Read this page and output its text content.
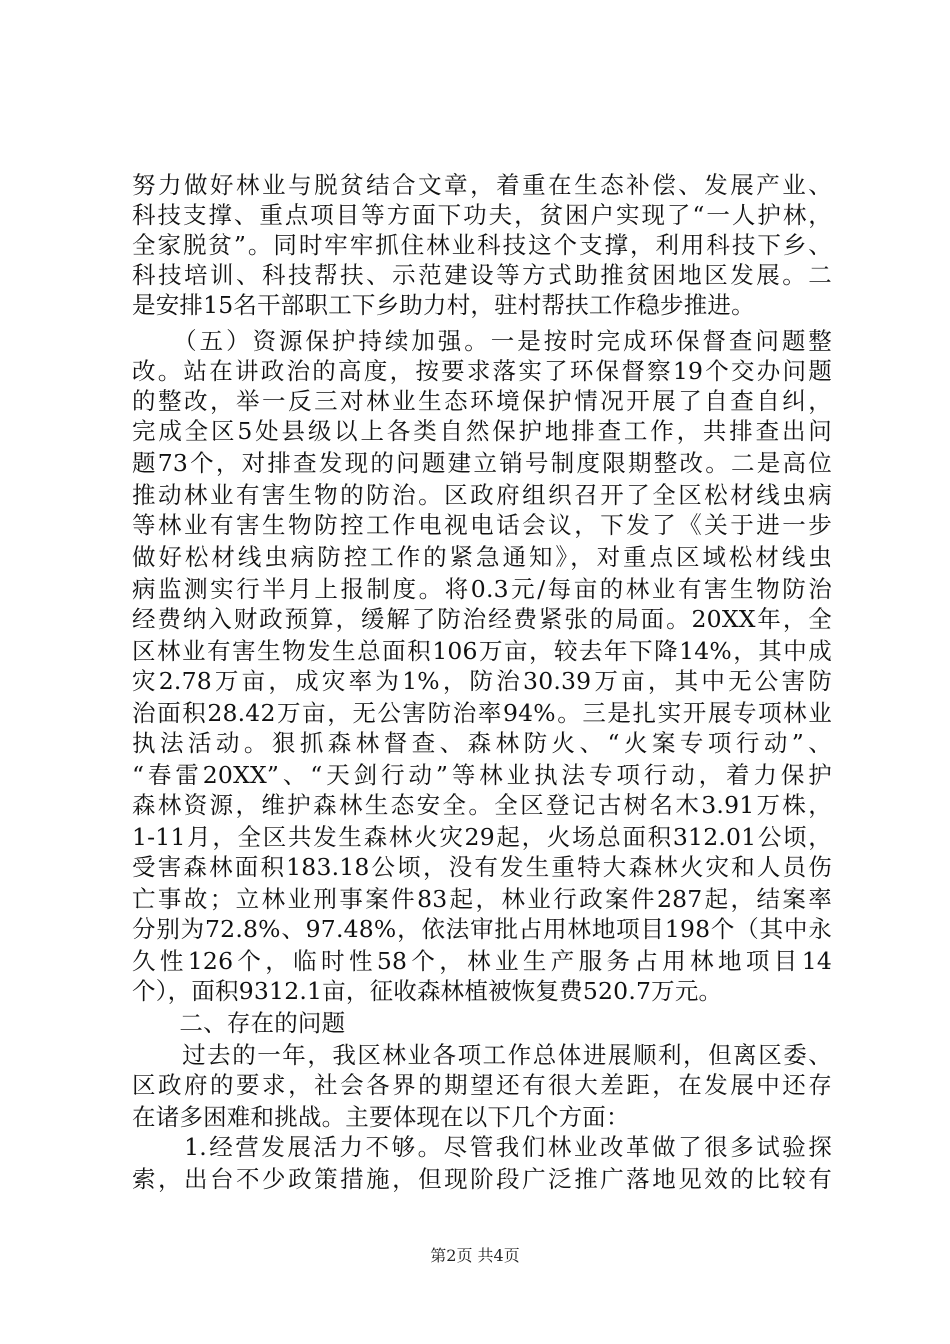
努力做好林业与脱贫结合文章，着重在生态补偿、发展产业、
科技支撑、重点项目等方面下功夫，贫困户实现了“一人护林，
全家脱贫”。同时牢牢抓住林业科技这个支撑，利用科技下乡、
科技培训、科技帮扶、示范建设等方式助推贫困地区发展。二
是安排15名干部职工下乡助力村，驻村帮扶工作稳步推进。
　　（五）资源保护持续加强。一是按时完成环保督查问题整
改。站在讲政治的高度，按要求落实了环保督察19个交办问题
的整改，举一反三对林业生态环境保护情况开展了自查自纠，
完成全区5处县级以上各类自然保护地排查工作，共排查出问
题73个，对排查发现的问题建立销号制度限期整改。二是高位
推动林业有害生物的防治。区政府组织召开了全区松材线虫病
等林业有害生物防控工作电视电话会议，下发了《关于进一步
做好松材线虫病防控工作的紧急通知》，对重点区域松材线虫
病监测实行半月上报制度。将0.3元/每亩的林业有害生物防治
经费纳入财政预算，缓解了防治经费紧张的局面。20XX年，全
区林业有害生物发生总面积106万亩，较去年下降14%，其中成
灾2.78万亩，成灾率为1%，防治30.39万亩，其中无公害防
治面积28.42万亩，无公害防治率94%。三是扎实开展专项林业
执法活动。狠抓森林督查、森林防火、“火案专项行动”、
“春雷20XX”、“天剑行动”等林业执法专项行动，着力保护
森林资源，维护森林生态安全。全区登记古树名木3.91万株，
1-11月，全区共发生森林火灾29起，火场总面积312.01公顷，
受害森林面积183.18公顷，没有发生重特大森林火灾和人员伤
亡事故；立林业刑事案件83起，林业行政案件287起，结案率
分别为72.8%、97.48%，依法审批占用林地项目198个（其中永
久性126个，临时性58个，林业生产服务占用林地项目14
个），面积9312.1亩，征收森林植被恢复费520.7万元。
　　二、存在的问题
　　过去的一年，我区林业各项工作总体进展顺利，但离区委、
区政府的要求，社会各界的期望还有很大差距，在发展中还存
在诸多困难和挑战。主要体现在以下几个方面：
　　1.经营发展活力不够。尽管我们林业改革做了很多试验探
索，出台不少政策措施，但现阶段广泛推广落地见效的比较有
第2页 共4页
